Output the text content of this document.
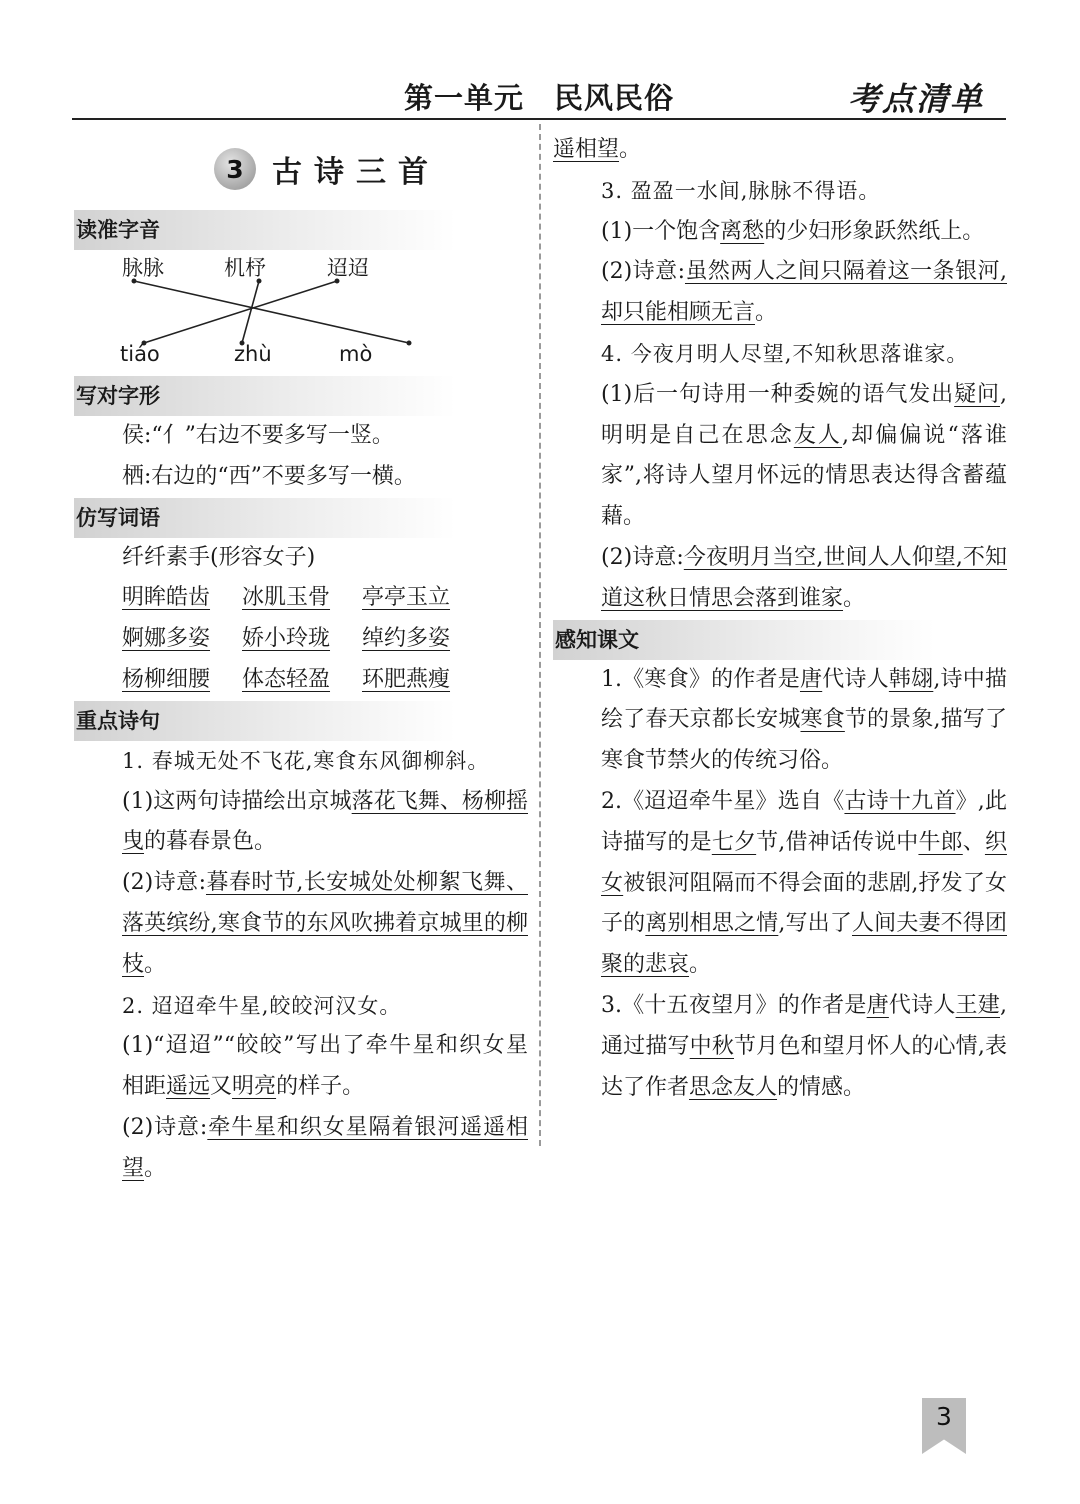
第一单元　民风民俗	考点清单
3 古诗三首
读准字音
脉脉	机杼	迢迢
tiáo	zhù	mò
写对字形

侯:“亻”右边不要多写一竖。

栖:右边的“西”不要多写一横。

仿写词语

纤纤素手(形容女子)

明眸皓齿	冰肌玉骨	亭亭玉立
婀娜多姿	娇小玲珑	绰约多姿
杨柳细腰	体态轻盈	环肥燕瘦
重点诗句

1. 春城无处不飞花,寒食东风御柳斜。

(1)这两句诗描绘出京城落花飞舞、杨柳摇曳的暮春景色。

(2)诗意:暮春时节,长安城处处柳絮飞舞、落英缤纷,寒食节的东风吹拂着京城里的柳枝。

2. 迢迢牵牛星,皎皎河汉女。

(1)“迢迢”“皎皎”写出了牵牛星和织女星相距遥远又明亮的样子。

(2)诗意:牵牛星和织女星隔着银河遥遥相望。

遥相望。

3. 盈盈一水间,脉脉不得语。

(1)一个饱含离愁的少妇形象跃然纸上。

(2)诗意:虽然两人之间只隔着这一条银河,却只能相顾无言。

4. 今夜月明人尽望,不知秋思落谁家。

(1)后一句诗用一种委婉的语气发出疑问,明明是自己在思念友人,却偏偏说“落谁家”,将诗人望月怀远的情思表达得含蓄蕴藉。

(2)诗意:今夜明月当空,世间人人仰望,不知道这秋日情思会落到谁家。

感知课文

1.《寒食》的作者是唐代诗人韩翃,诗中描绘了春天京都长安城寒食节的景象,描写了寒食节禁火的传统习俗。

2.《迢迢牵牛星》选自《古诗十九首》,此诗描写的是七夕节,借神话传说中牛郎、织女被银河阻隔而不得会面的悲剧,抒发了女子的离别相思之情,写出了人间夫妻不得团聚的悲哀。

3.《十五夜望月》的作者是唐代诗人王建,通过描写中秋节月色和望月怀人的心情,表达了作者思念友人的情感。

3
